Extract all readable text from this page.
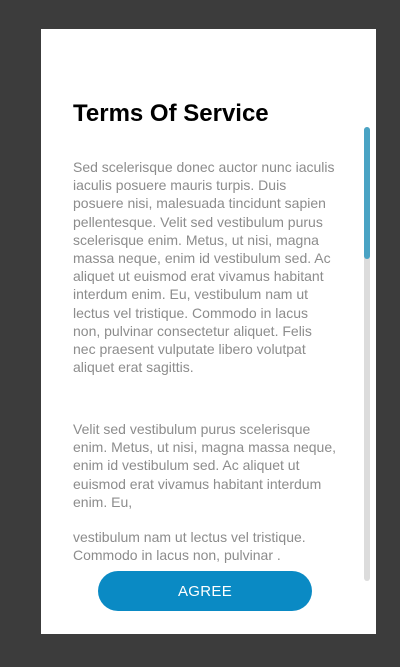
Terms Of Service

Sed scelerisque donec auctor nunc iaculis iaculis posuere mauris turpis. Duis posuere nisi, malesuada tincidunt sapien pellentesque. Velit sed vestibulum purus scelerisque enim. Metus, ut nisi, magna massa neque, enim id vestibulum sed. Ac aliquet ut euismod erat vivamus habitant interdum enim. Eu, vestibulum nam ut lectus vel tristique. Commodo in lacus non, pulvinar consectetur aliquet. Felis nec praesent vulputate libero volutpat aliquet erat sagittis.

Velit sed vestibulum purus scelerisque enim. Metus, ut nisi, magna massa neque, enim id vestibulum sed. Ac aliquet ut euismod erat vivamus habitant interdum enim. Eu,

vestibulum nam ut lectus vel tristique. Commodo in lacus non, pulvinar .

AGREE
